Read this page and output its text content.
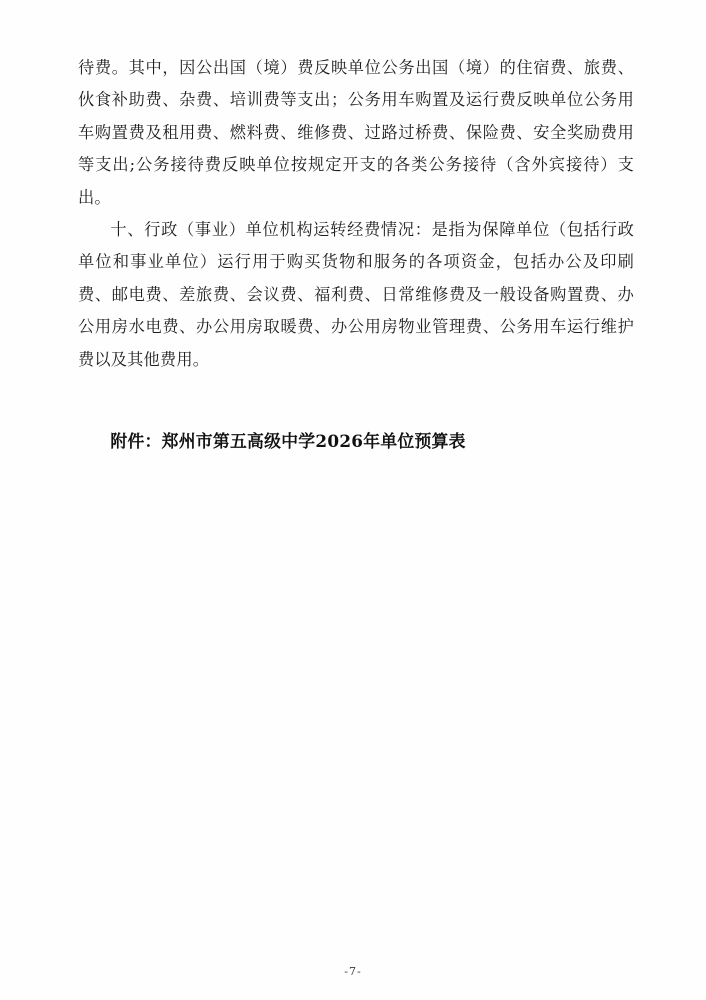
待费。其中，因公出国（境）费反映单位公务出国（境）的住宿费、旅费、伙食补助费、杂费、培训费等支出；公务用车购置及运行费反映单位公务用车购置费及租用费、燃料费、维修费、过路过桥费、保险费、安全奖励费用等支出;公务接待费反映单位按规定开支的各类公务接待（含外宾接待）支出。

十、行政（事业）单位机构运转经费情况：是指为保障单位（包括行政单位和事业单位）运行用于购买货物和服务的各项资金，包括办公及印刷费、邮电费、差旅费、会议费、福利费、日常维修费及一般设备购置费、办公用房水电费、办公用房取暖费、办公用房物业管理费、公务用车运行维护费以及其他费用。

附件：郑州市第五高级中学2026年单位预算表
-7-
